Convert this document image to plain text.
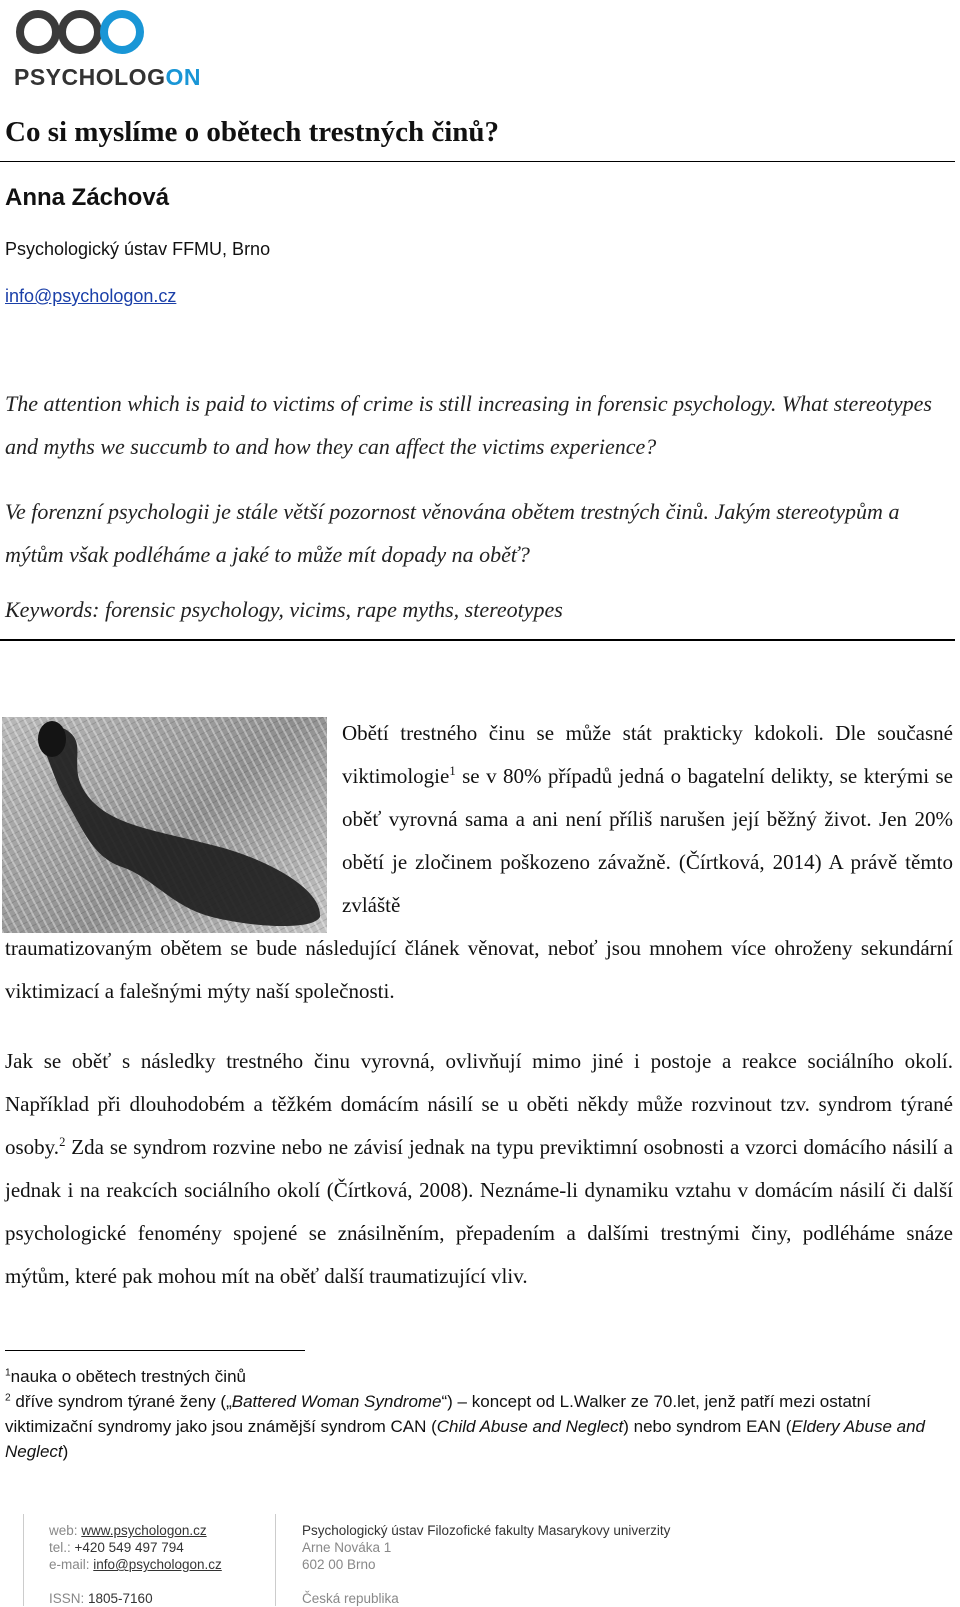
PSYCHOLOGON
Co si myslíme o obětech trestných činů?
Anna Záchová
Psychologický ústav FFMU, Brno
info@psychologon.cz
The attention which is paid to victims of crime is still increasing in forensic psychology. What stereotypes and myths we succumb to and how they can affect the victims experience?
Ve forenzní psychologii je stále větší pozornost věnována obětem trestných činů. Jakým stereotypům a mýtům však podléháme a jaké to může mít dopady na oběť?
Keywords: forensic psychology, vicims, rape myths, stereotypes
Obětí trestného činu se může stát prakticky kdokoli. Dle současné viktimologie$^1$ se v 80% případů jedná o bagatelní delikty, se kterými se oběť vyrovná sama a ani není příliš narušen její běžný život. Jen 20% obětí je zločinem poškozeno závažně. (Čírtková, 2014) A právě těmto zvláště
traumatizovaným obětem se bude následující článek věnovat, neboť jsou mnohem více ohroženy sekundární viktimizací a falešnými mýty naší společnosti.
Jak se oběť s následky trestného činu vyrovná, ovlivňují mimo jiné i postoje a reakce sociálního okolí. Například při dlouhodobém a těžkém domácím násilí se u oběti někdy může rozvinout tzv. syndrom týrané osoby.$^2$ Zda se syndrom rozvine nebo ne závisí jednak na typu previktimní osobnosti a vzorci domácího násilí a jednak i na reakcích sociálního okolí (Čírtková, 2008). Neznáme-li dynamiku vztahu v domácím násilí či další psychologické fenomény spojené se znásilněním, přepadením a dalšími trestnými činy, podléháme snáze mýtům, které pak mohou mít na oběť další traumatizující vliv.
$^1$nauka o obětech trestných činů
$^2$ dříve syndrom týrané ženy („Battered Woman Syndrome“) – koncept od L.Walker ze 70.let, jenž patří mezi ostatní viktimizační syndromy jako jsou známější syndrom CAN (Child Abuse and Neglect) nebo syndrom EAN (Eldery Abuse and Neglect)
web: www.psychologon.cz
tel.: +420 549 497 794
e-mail: info@psychologon.cz
ISSN: 1805-7160
Psychologický ústav Filozofické fakulty Masarykovy univerzity
Arne Nováka 1
602 00 Brno
Česká republika
